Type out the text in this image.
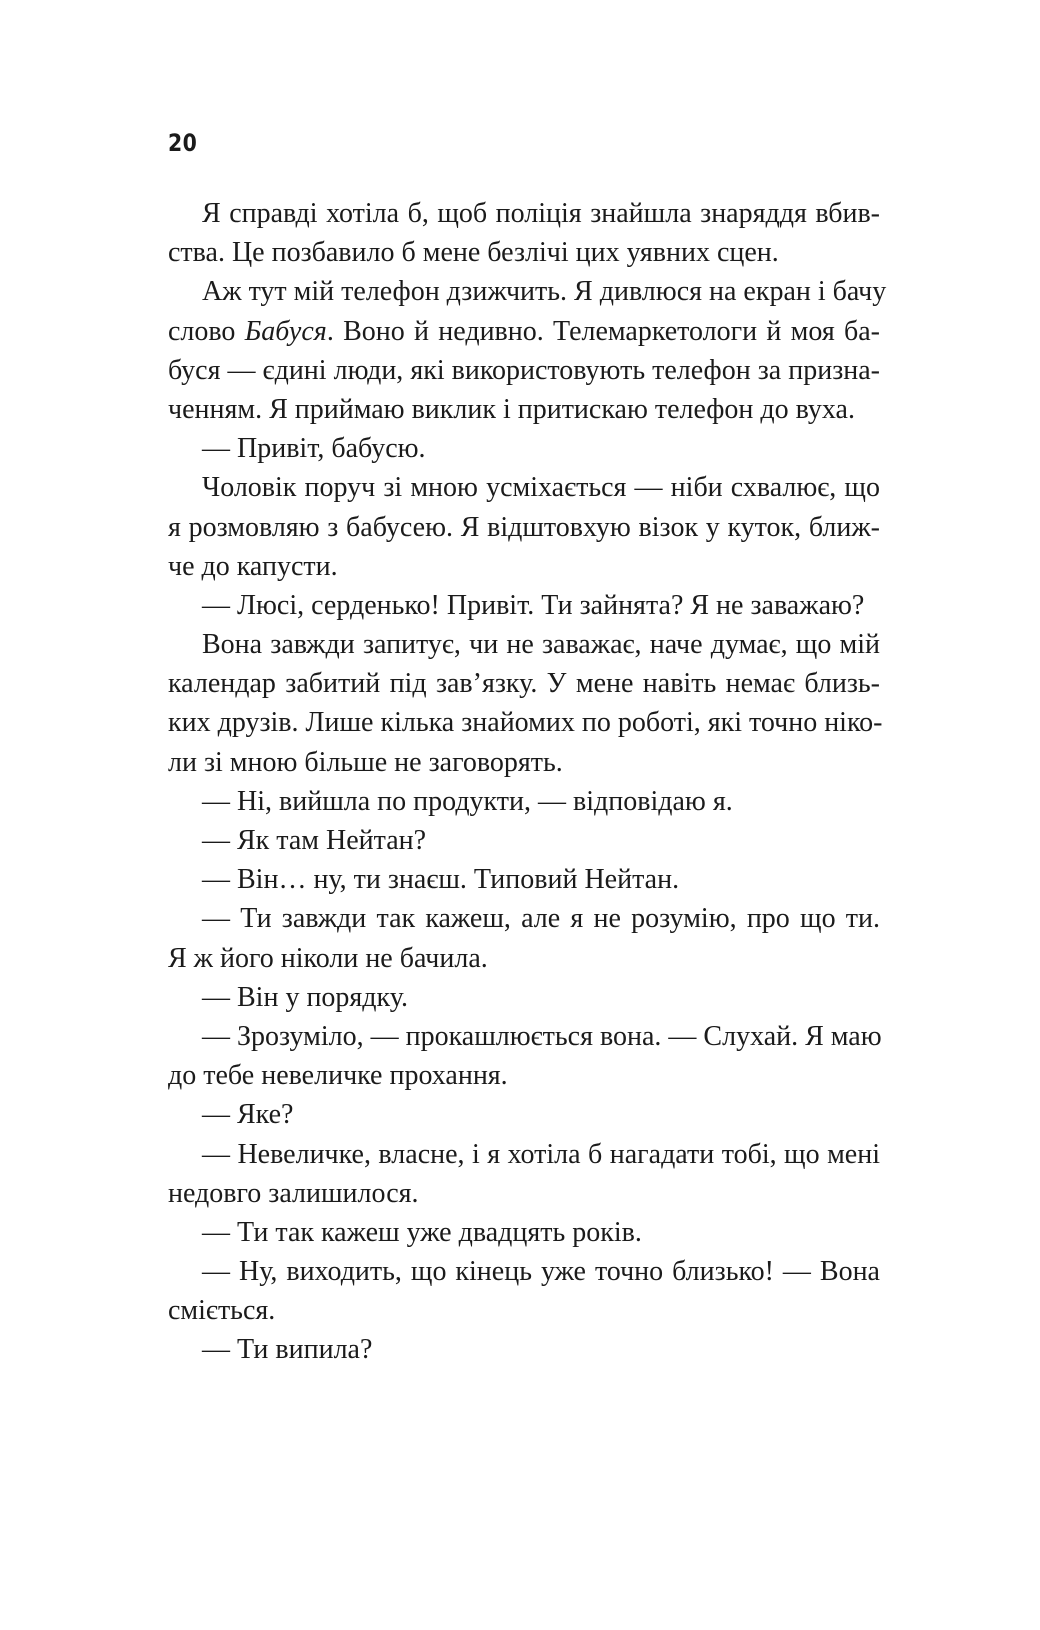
20
Я справді хотіла б, щоб поліція знайшла знаряддя вбив-
ства. Це позбавило б мене безлічі цих уявних сцен.
Аж тут мій телефон дзижчить. Я дивлюся на екран і бачу
слово Бабуся. Воно й недивно. Телемаркетологи й моя ба-
буся — єдині люди, які використовують телефон за призна-
ченням. Я приймаю виклик і притискаю телефон до вуха.
— Привіт, бабусю.
Чоловік поруч зі мною усміхається — ніби схвалює, що
я розмовляю з бабусею. Я відштовхую візок у куток, ближ-
че до капусти.
— Люсі, серденько! Привіт. Ти зайнята? Я не заважаю?
Вона завжди запитує, чи не заважає, наче думає, що мій
календар забитий під зав’язку. У мене навіть немає близь-
ких друзів. Лише кілька знайомих по роботі, які точно ніко-
ли зі мною більше не заговорять.
— Ні, вийшла по продукти, — відповідаю я.
— Як там Нейтан?
— Він… ну, ти знаєш. Типовий Нейтан.
— Ти завжди так кажеш, але я не розумію, про що ти.
Я ж його ніколи не бачила.
— Він у порядку.
— Зрозуміло, — прокашлюється вона. — Слухай. Я маю
до тебе невеличке прохання.
— Яке?
— Невеличке, власне, і я хотіла б нагадати тобі, що мені
недовго залишилося.
— Ти так кажеш уже двадцять років.
— Ну, виходить, що кінець уже точно близько! — Вона
сміється.
— Ти випила?
